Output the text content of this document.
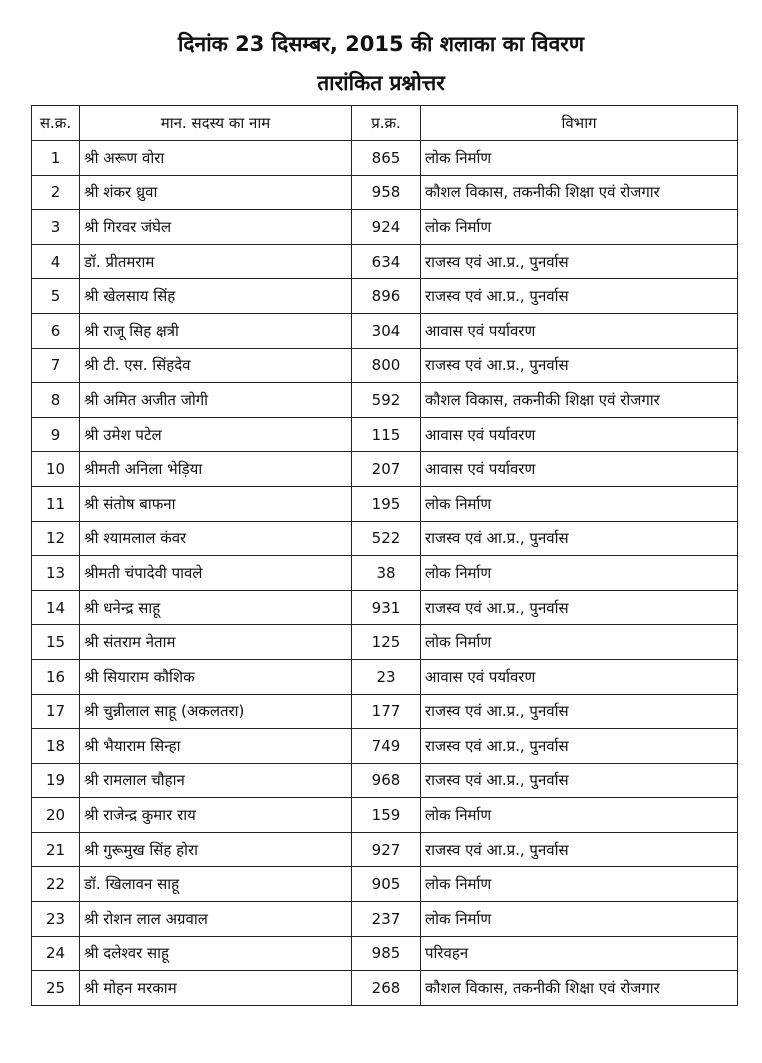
दिनांक 23 दिसम्बर, 2015 की शलाका का विवरण
तारांकित प्रश्नोत्तर
स.क्र.	मान. सदस्य का नाम	प्र.क्र.	विभाग
1	श्री अरूण वोरा	865	लोक निर्माण
2	श्री शंकर ध्रुवा	958	कौशल विकास, तकनीकी शिक्षा एवं रोजगार
3	श्री गिरवर जंघेल	924	लोक निर्माण
4	डॉ. प्रीतमराम	634	राजस्व एवं आ.प्र., पुनर्वास
5	श्री खेलसाय सिंह	896	राजस्व एवं आ.प्र., पुनर्वास
6	श्री राजू सिह क्षत्री	304	आवास एवं पर्यावरण
7	श्री टी. एस. सिंहदेव	800	राजस्व एवं आ.प्र., पुनर्वास
8	श्री अमित अजीत जोगी	592	कौशल विकास, तकनीकी शिक्षा एवं रोजगार
9	श्री उमेश पटेल	115	आवास एवं पर्यावरण
10	श्रीमती अनिला भेड़िया	207	आवास एवं पर्यावरण
11	श्री संतोष बाफना	195	लोक निर्माण
12	श्री श्यामलाल कंवर	522	राजस्व एवं आ.प्र., पुनर्वास
13	श्रीमती चंपादेवी पावले	38	लोक निर्माण
14	श्री धनेन्द्र साहू	931	राजस्व एवं आ.प्र., पुनर्वास
15	श्री संतराम नेताम	125	लोक निर्माण
16	श्री सियाराम कौशिक	23	आवास एवं पर्यावरण
17	श्री चुन्नीलाल साहू (अकलतरा)	177	राजस्व एवं आ.प्र., पुनर्वास
18	श्री भैयाराम सिन्हा	749	राजस्व एवं आ.प्र., पुनर्वास
19	श्री रामलाल चौहान	968	राजस्व एवं आ.प्र., पुनर्वास
20	श्री राजेन्द्र कुमार राय	159	लोक निर्माण
21	श्री गुरूमुख सिंह होरा	927	राजस्व एवं आ.प्र., पुनर्वास
22	डॉ. खिलावन साहू	905	लोक निर्माण
23	श्री रोशन लाल अग्रवाल	237	लोक निर्माण
24	श्री दलेश्वर साहू	985	परिवहन
25	श्री मोहन मरकाम	268	कौशल विकास, तकनीकी शिक्षा एवं रोजगार
